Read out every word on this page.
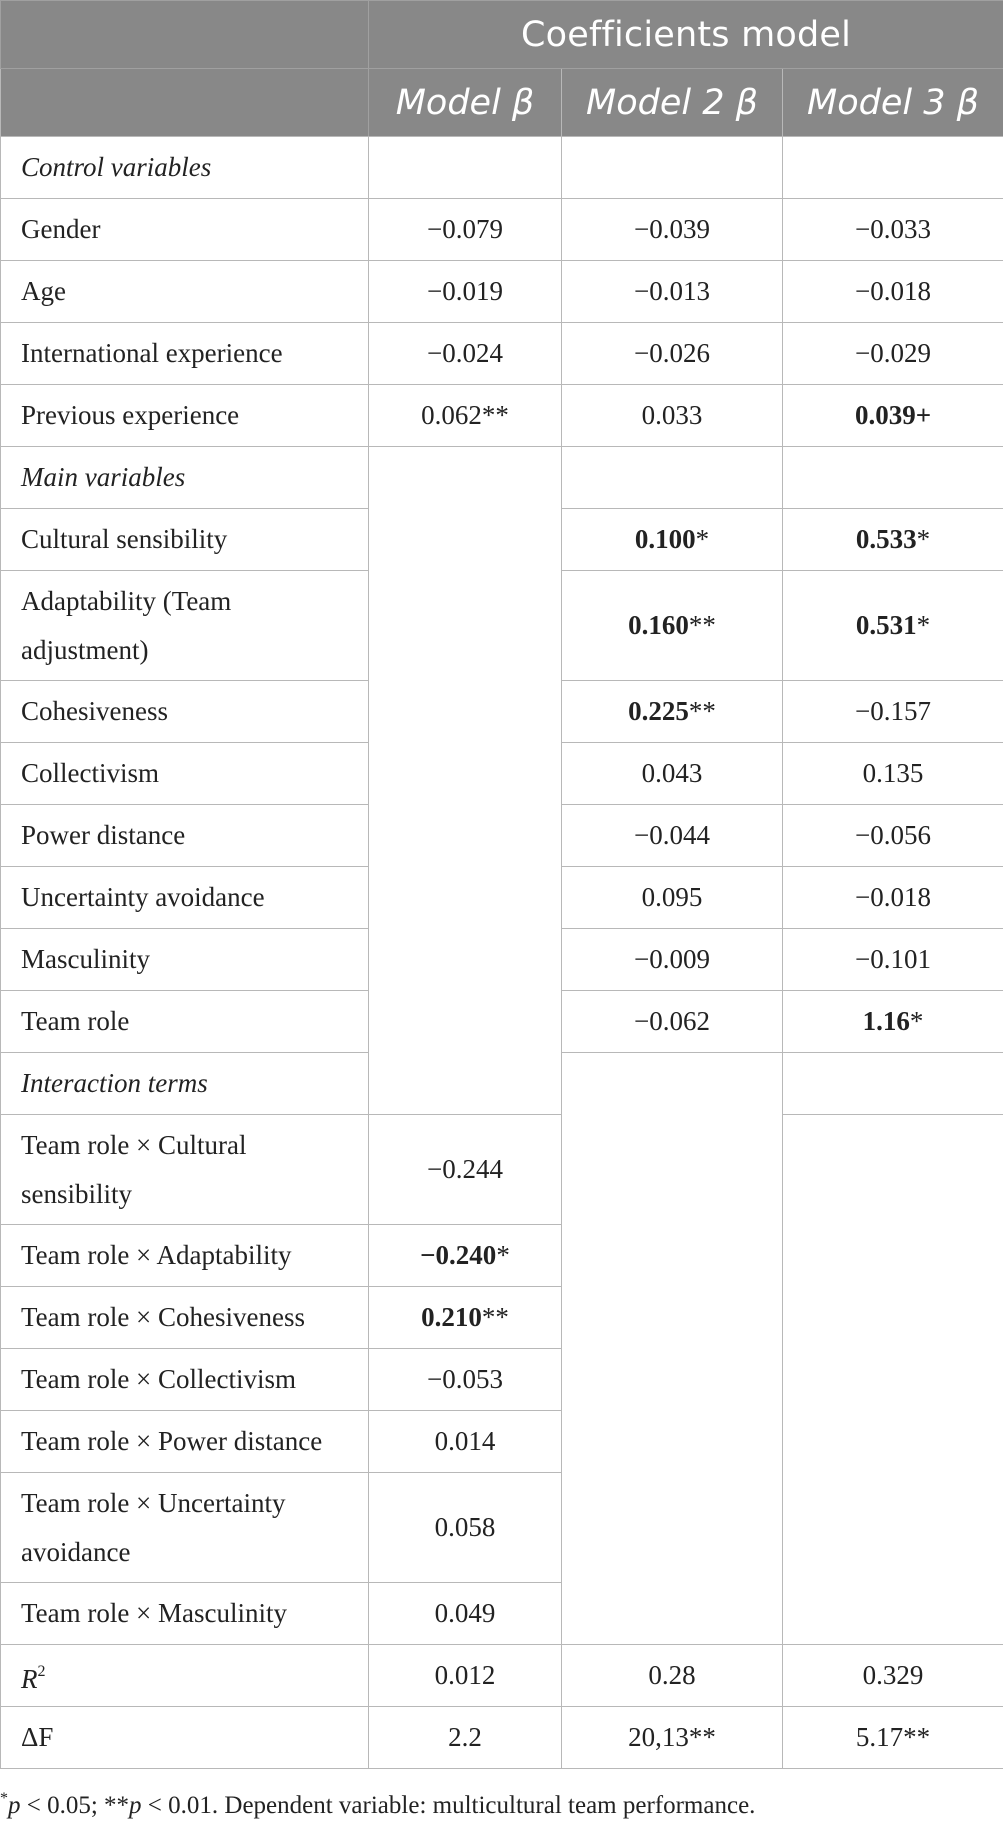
	Coefficients model		
	Model β	Model 2 β	Model 3 β
Control variables			
Gender	−0.079	−0.039	−0.033
Age	−0.019	−0.013	−0.018
International experience	−0.024	−0.026	−0.029
Previous experience	0.062**	0.033	0.039+
Main variables			
Cultural sensibility		0.100*	0.533*
Adaptability (Team
adjustment)		0.160**	0.531*
Cohesiveness		0.225**	−0.157
Collectivism		0.043	0.135
Power distance		−0.044	−0.056
Uncertainty avoidance		0.095	−0.018
Masculinity		−0.009	−0.101
Team role		−0.062	1.16*
Interaction terms			
Team role × Cultural
sensibility	−0.244		
Team role × Adaptability	−0.240*		
Team role × Cohesiveness	0.210**		
Team role × Collectivism	−0.053		
Team role × Power distance	0.014		
Team role × Uncertainty
avoidance	0.058		
Team role × Masculinity	0.049		
$R^2$	0.012	0.28	0.329
ΔF	2.2	20,13**	5.17**
*p < 0.05; **p < 0.01. Dependent variable: multicultural team performance.
